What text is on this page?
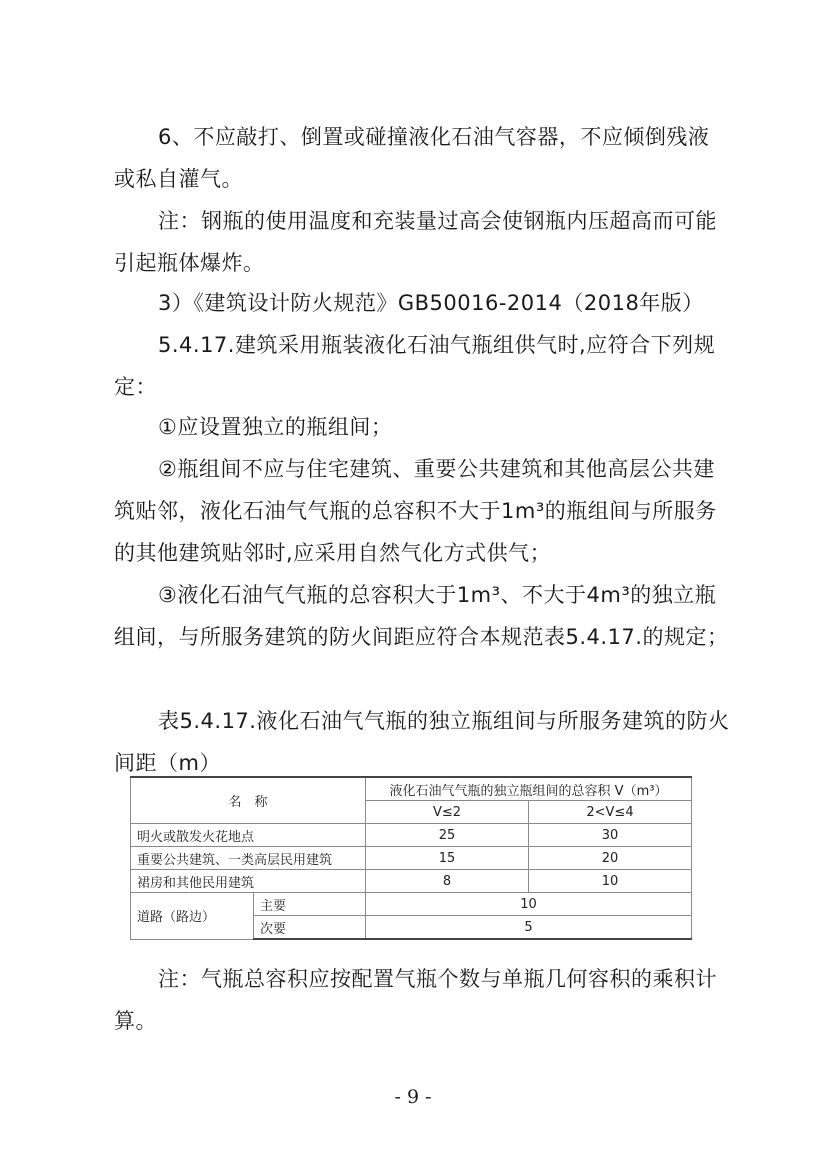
6、不应敲打、倒置或碰撞液化石油气容器，不应倾倒残液或私自灌气。

注：钢瓶的使用温度和充装量过高会使钢瓶内压超高而可能引起瓶体爆炸。

3）《建筑设计防火规范》GB50016-2014（2018年版）

5.4.17.建筑采用瓶装液化石油气瓶组供气时,应符合下列规定：

①应设置独立的瓶组间；

②瓶组间不应与住宅建筑、重要公共建筑和其他高层公共建筑贴邻，液化石油气气瓶的总容积不大于1m³的瓶组间与所服务的其他建筑贴邻时,应采用自然气化方式供气；

③液化石油气气瓶的总容积大于1m³、不大于4m³的独立瓶组间，与所服务建筑的防火间距应符合本规范表5.4.17.的规定；

表5.4.17.液化石油气气瓶的独立瓶组间与所服务建筑的防火间距（m）

名　称		液化石油气气瓶的独立瓶组间的总容积 V（m³）	
		V≤2	2<V≤4
明火或散发火花地点		25	30
重要公共建筑、一类高层民用建筑		15	20
裙房和其他民用建筑		8	10
道路（路边）	主要	10	
	次要	5	

注：气瓶总容积应按配置气瓶个数与单瓶几何容积的乘积计算。

- 9 -
